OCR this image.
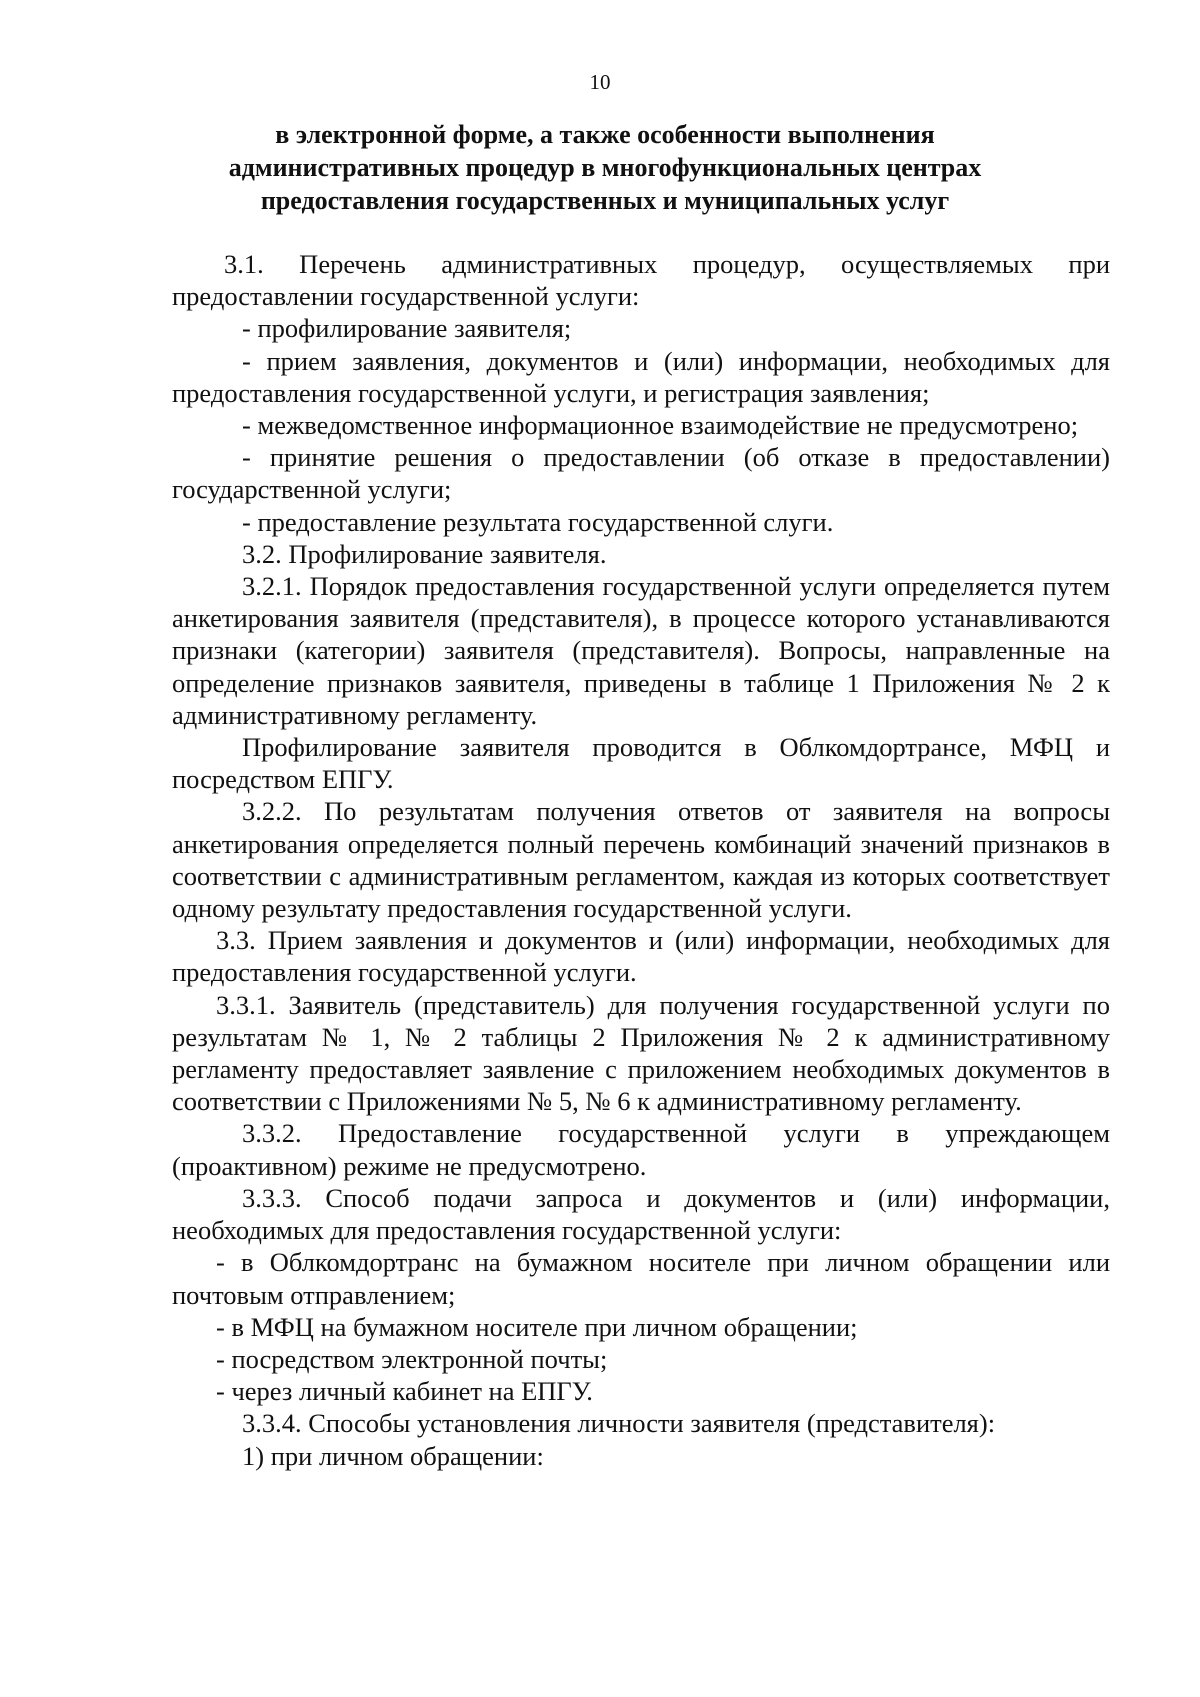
10
в электронной форме, а также особенности выполнения
административных процедур в многофункциональных центрах
предоставления государственных и муниципальных услуг

3.1. Перечень административных процедур, осуществляемых при предоставлении государственной услуги:

- профилирование заявителя;

- прием заявления, документов и (или) информации, необходимых для предоставления государственной услуги, и регистрация заявления;

- межведомственное информационное взаимодействие не предусмотрено;

- принятие решения о предоставлении (об отказе в предоставлении) государственной услуги;

- предоставление результата государственной слуги.

3.2. Профилирование заявителя.

3.2.1. Порядок предоставления государственной услуги определяется путем анкетирования заявителя (представителя), в процессе которого устанавливаются признаки (категории) заявителя (представителя). Вопросы, направленные на определение признаков заявителя, приведены в таблице 1 Приложения № 2 к административному регламенту.

Профилирование заявителя проводится в Облкомдортрансе, МФЦ и посредством ЕПГУ.

3.2.2. По результатам получения ответов от заявителя на вопросы анкетирования определяется полный перечень комбинаций значений признаков в соответствии с административным регламентом, каждая из которых соответствует одному результату предоставления государственной услуги.

3.3. Прием заявления и документов и (или) информации, необходимых для предоставления государственной услуги.

3.3.1. Заявитель (представитель) для получения государственной услуги по результатам № 1, № 2 таблицы 2 Приложения № 2 к административному регламенту предоставляет заявление с приложением необходимых документов в соответствии с Приложениями № 5, № 6 к административному регламенту.

3.3.2. Предоставление государственной услуги в упреждающем (проактивном) режиме не предусмотрено.

3.3.3. Способ подачи запроса и документов и (или) информации, необходимых для предоставления государственной услуги:

- в Облкомдортранс на бумажном носителе при личном обращении или почтовым отправлением;

- в МФЦ на бумажном носителе при личном обращении;

- посредством электронной почты;

- через личный кабинет на ЕПГУ.

3.3.4. Способы установления личности заявителя (представителя):

1) при личном обращении:
